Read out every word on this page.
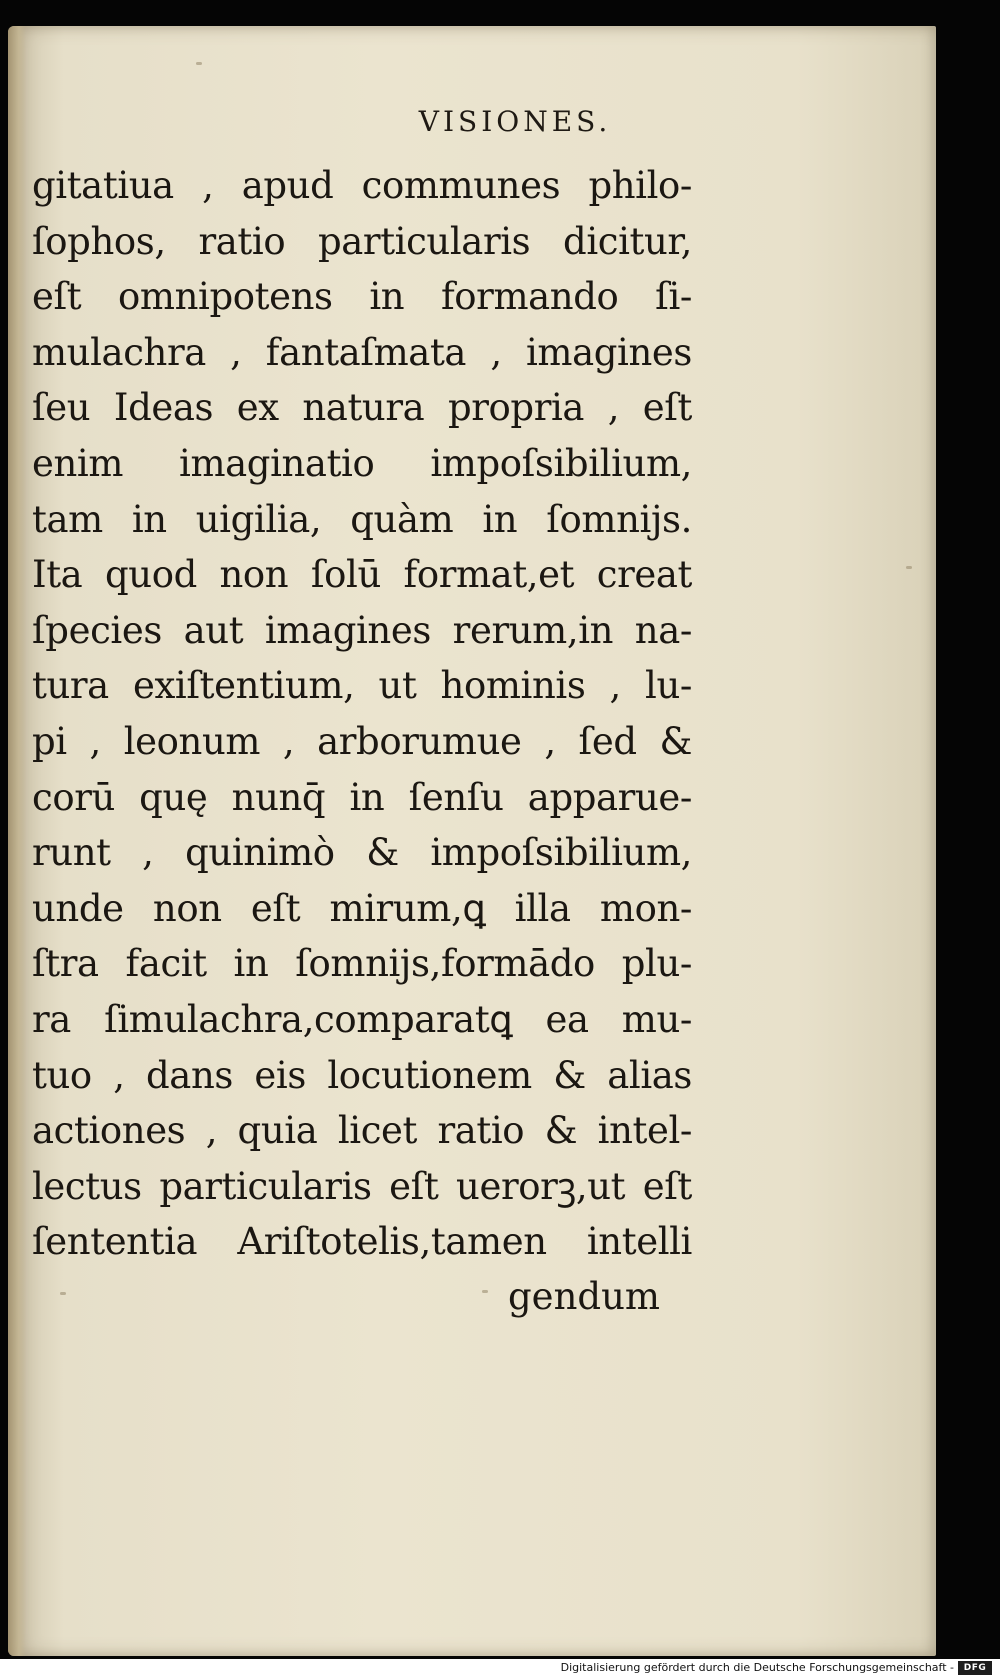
VISIONES.
gitatiua , apud communes philo-
ſophos, ratio particularis dicitur,
eſt omnipotens in formando ſi-
mulachra , fantaſmata , imagines
ſeu Ideas ex natura propria , eſt
enim imaginatio impoſsibilium,
tam in uigilia, quàm in ſomnijs.
Ita quod non ſolū format,et creat
ſpecies aut imagines rerum,in na-
tura exiſtentium, ut hominis , lu-
pi , leonum , arborumue , ſed &
corū quę nunq̄ in ſenſu apparue-
runt , quinimò & impoſsibilium,
unde non eſt mirum,ꝗ illa mon-
ſtra facit in ſomnijs,formādo plu-
ra ſimulachra,comparatꝗ ea mu-
tuo , dans eis locutionem & alias
actiones , quia licet ratio & intel-
lectus particularis eſt uerorꝫ,ut eſt
ſententia Ariſtotelis,tamen intelli
gendum
Digitalisierung gefördert durch die Deutsche Forschungsgemeinschaft -	DFG
